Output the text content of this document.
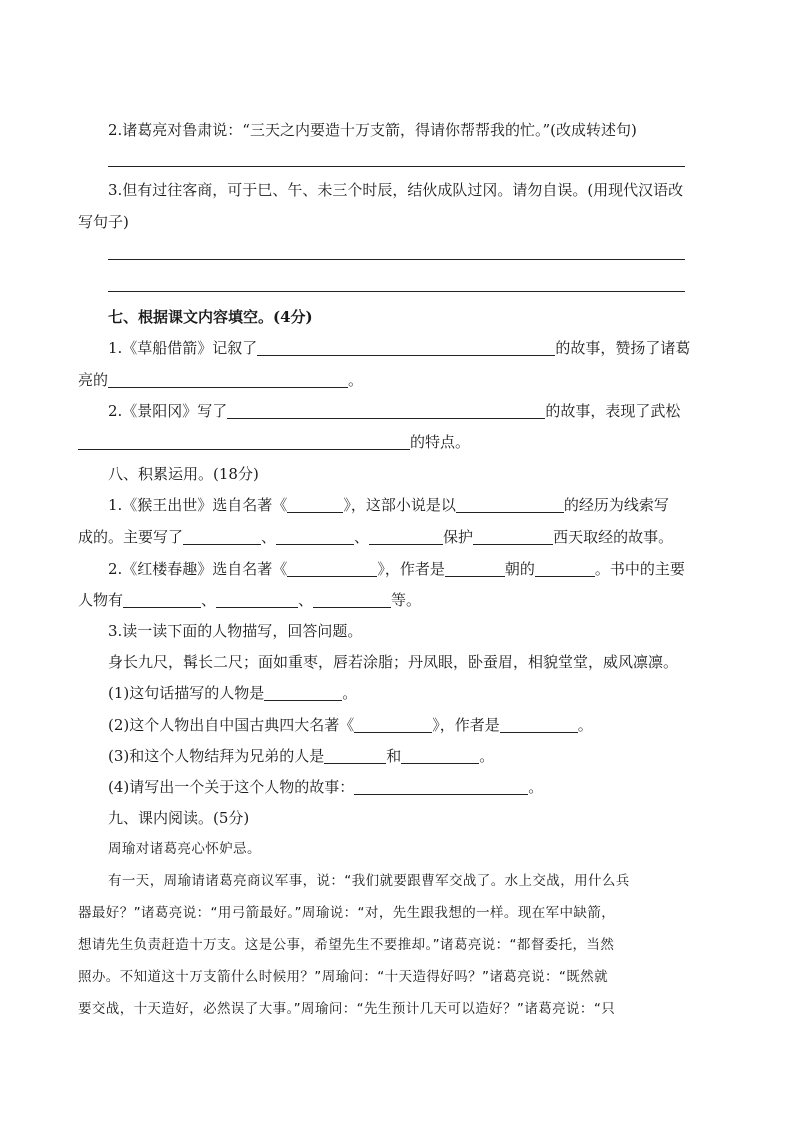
2.诸葛亮对鲁肃说：“三天之内要造十万支箭，得请你帮帮我的忙。”(改成转述句)
3.但有过往客商，可于巳、午、未三个时辰，结伙成队过冈。请勿自误。(用现代汉语改
写句子)
七、根据课文内容填空。(4分)
1.《草船借箭》记叙了	的故事，赞扬了诸葛
亮的	。
2.《景阳冈》写了	的故事，表现了武松
的特点。
八、积累运用。(18分)
1.《猴王出世》选自名著《	》，这部小说是以	的经历为线索写
成的。主要写了	、	、	保护	西天取经的故事。
2.《红楼春趣》选自名著《	》，作者是	朝的	。书中的主要
人物有	、	、	等。
3.读一读下面的人物描写，回答问题。
身长九尺，髯长二尺；面如重枣，唇若涂脂；丹凤眼，卧蚕眉，相貌堂堂，威风凛凛。
(1)这句话描写的人物是	。
(2)这个人物出自中国古典四大名著《	》，作者是	。
(3)和这个人物结拜为兄弟的人是	和	。
(4)请写出一个关于这个人物的故事：	。
九、课内阅读。(5分)
周瑜对诸葛亮心怀妒忌。
有一天，周瑜请诸葛亮商议军事，说：“我们就要跟曹军交战了。水上交战，用什么兵
器最好？”诸葛亮说：“用弓箭最好。”周瑜说：“对，先生跟我想的一样。现在军中缺箭，
想请先生负责赶造十万支。这是公事，希望先生不要推却。”诸葛亮说：“都督委托，当然
照办。不知道这十万支箭什么时候用？”周瑜问：“十天造得好吗？”诸葛亮说：“既然就
要交战，十天造好，必然误了大事。”周瑜问：“先生预计几天可以造好？”诸葛亮说：“只
